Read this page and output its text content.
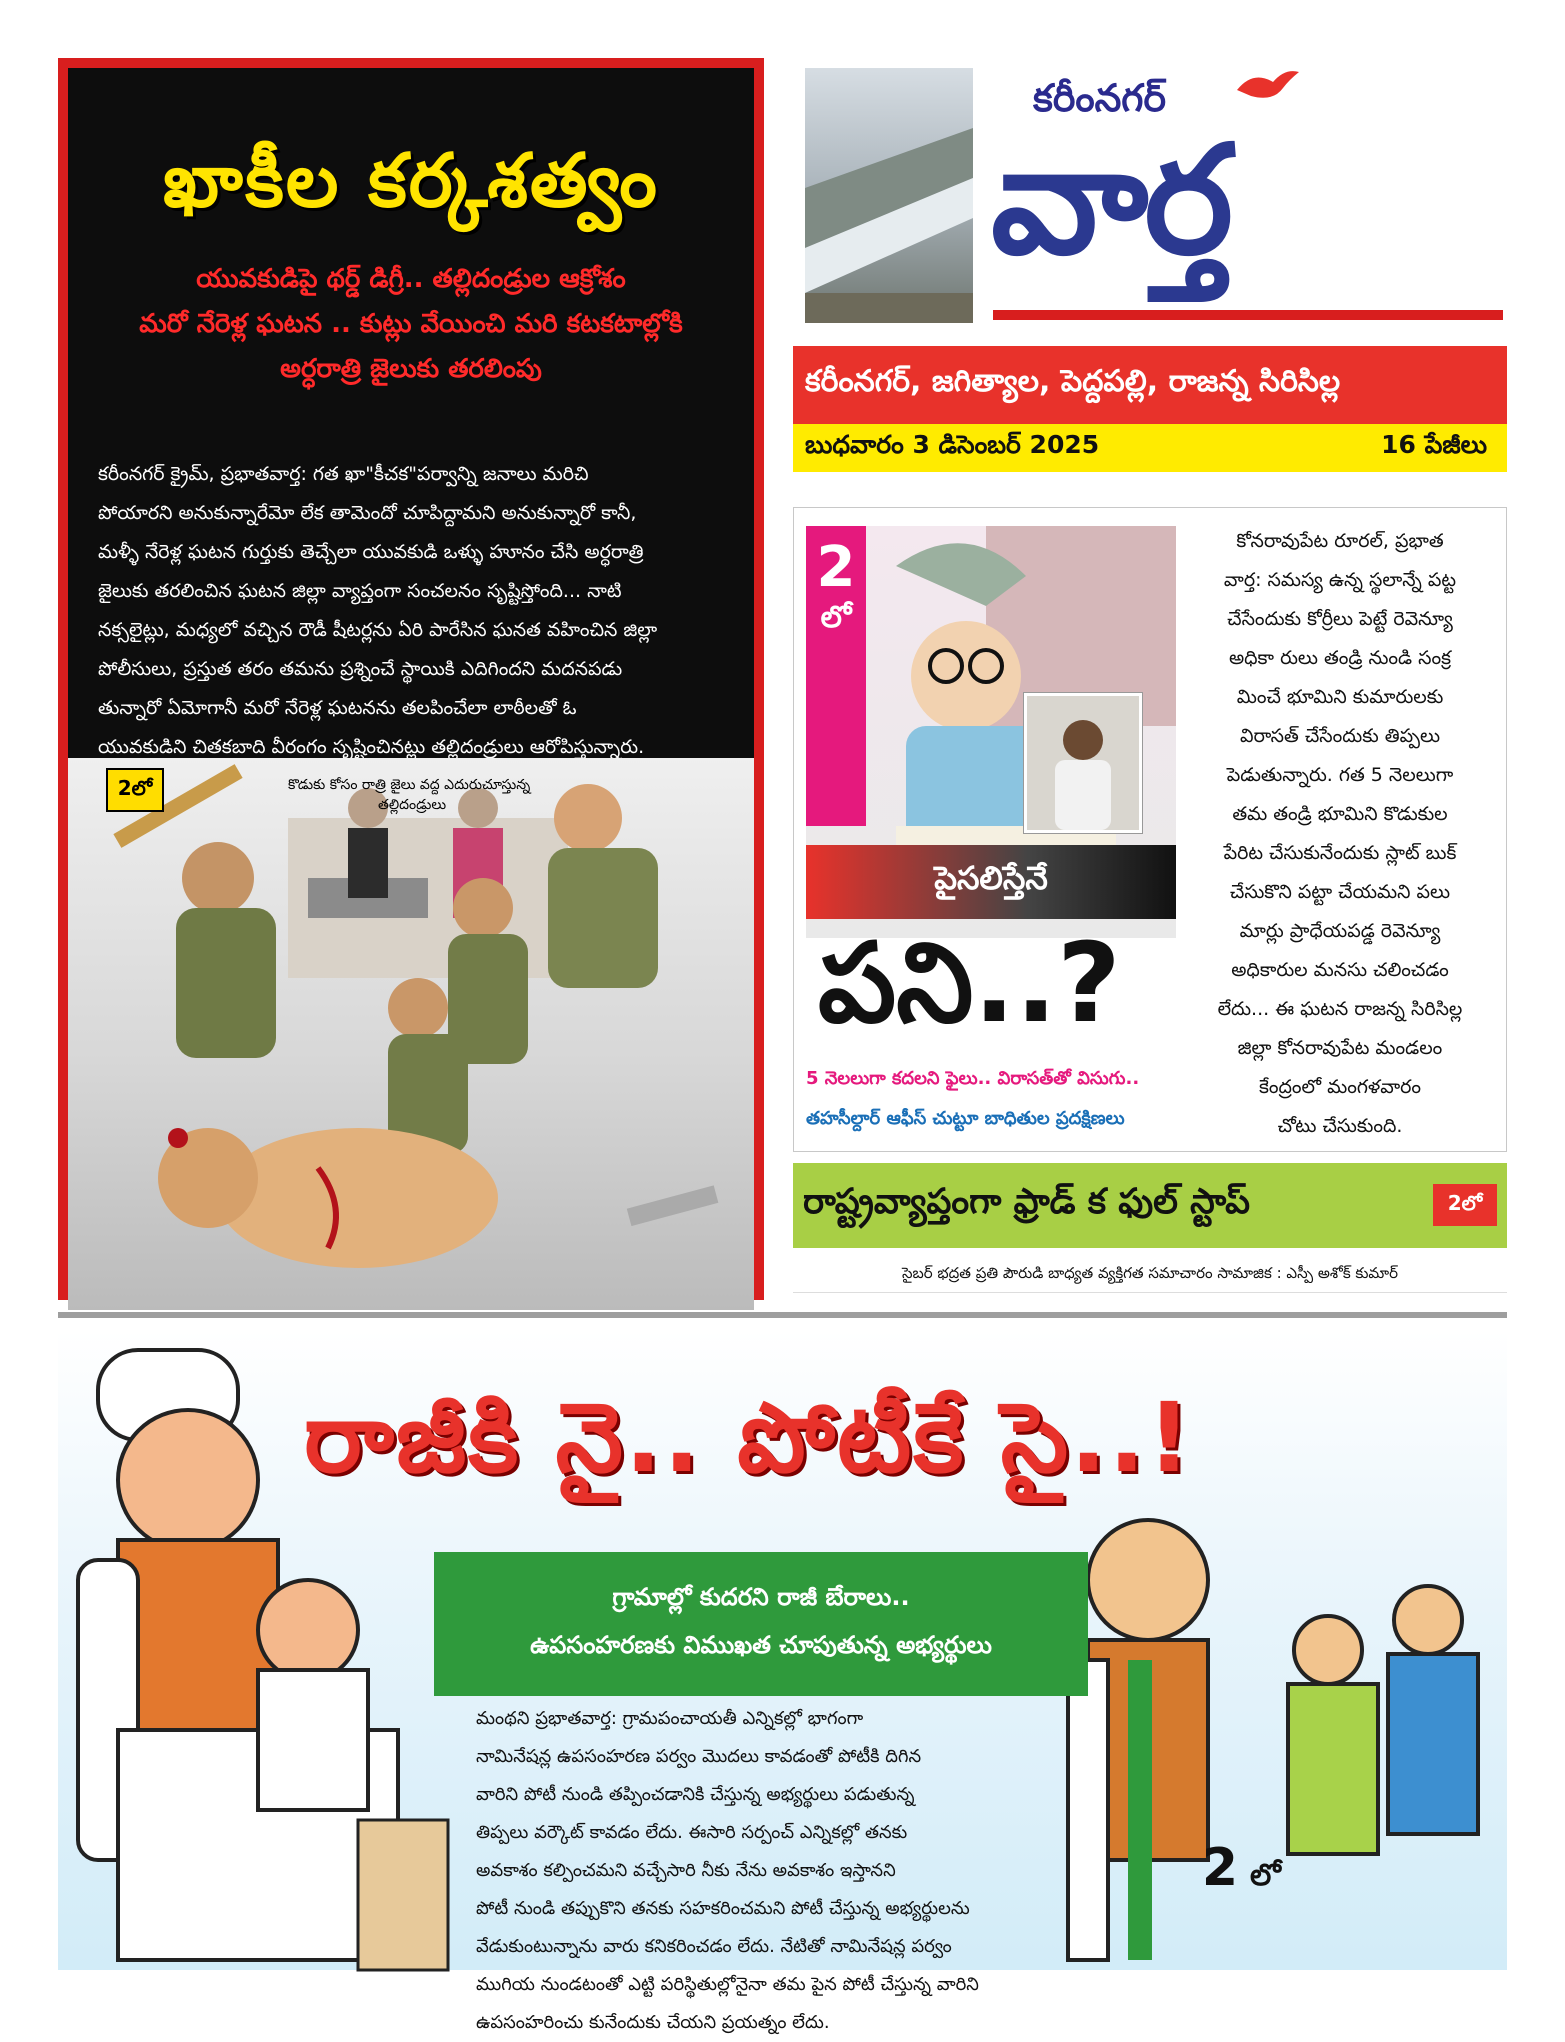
ఖాకీల కర్కశత్వం
యువకుడిపై థర్డ్ డిగ్రీ.. తల్లిదండ్రుల ఆక్రోశం
మరో నేరెళ్ల ఘటన .. కుట్లు వేయించి మరి కటకటాల్లోకి
అర్ధరాత్రి జైలుకు తరలింపు
కరీంనగర్ క్రైమ్, ప్రభాతవార్త: గత ఖా"కీచక"పర్వాన్ని జనాలు మరిచి
పోయారని అనుకున్నారేమో లేక తామెందో చూపిద్దామని అనుకున్నారో కానీ,
మళ్ళీ నేరెళ్ల ఘటన గుర్తుకు తెచ్చేలా యువకుడి ఒళ్ళు హూనం చేసి అర్ధరాత్రి
జైలుకు తరలించిన ఘటన జిల్లా వ్యాప్తంగా సంచలనం సృష్టిస్తోంది... నాటి
నక్సలైట్లు, మధ్యలో వచ్చిన రౌడీ షీటర్లను ఏరి పారేసిన ఘనత వహించిన జిల్లా
పోలీసులు, ప్రస్తుత తరం తమను ప్రశ్నించే స్థాయికి ఎదిగిందని మదనపడు
తున్నారో ఏమోగానీ మరో నేరెళ్ల ఘటనను తలపించేలా లాఠీలతో ఓ
యువకుడిని చితకబాది వీరంగం సృష్టించినట్లు తల్లిదండ్రులు ఆరోపిస్తున్నారు.
2లో	కొడుకు కోసం రాత్రి జైలు వద్ద ఎదురుచూస్తున్న
తల్లిదండ్రులు
కరీంనగర్
వార్త
కరీంనగర్, జగిత్యాల, పెద్దపల్లి, రాజన్న సిరిసిల్ల
బుధవారం 3 డిసెంబర్ 2025	16 పేజీలు
2
లో
పైసలిస్తేనే
పని..?
5 నెలలుగా కదలని ఫైలు.. విరాసత్‌తో విసుగు..
తహసీల్దార్ ఆఫీస్ చుట్టూ బాధితుల ప్రదక్షిణలు
కోనరావుపేట రూరల్, ప్రభాత
వార్త: సమస్య ఉన్న స్థలాన్నే పట్ట
చేసేందుకు కోర్రీలు పెట్టే రెవెన్యూ
అధికా రులు తండ్రి నుండి సంక్ర
మించే భూమిని కుమారులకు
విరాసత్ చేసేందుకు తిప్పలు
పెడుతున్నారు. గత 5 నెలలుగా
తమ తండ్రి భూమిని కొడుకుల
పేరిట చేసుకునేందుకు స్లాట్ బుక్
చేసుకొని పట్టా చేయమని పలు
మార్లు ప్రాధేయపడ్డ రెవెన్యూ
అధికారుల మనసు చలించడం
లేదు... ఈ ఘటన రాజన్న సిరిసిల్ల
జిల్లా కోనరావుపేట మండలం
కేంద్రంలో మంగళవారం
చోటు చేసుకుంది.
రాష్ట్రవ్యాప్తంగా ఫ్రాడ్ క ఫుల్ స్టాప్	2లో
సైబర్ భద్రత ప్రతి పౌరుడి బాధ్యత వ్యక్తిగత సమాచారం సామాజిక : ఎస్పీ అశోక్ కుమార్
రాజీకి నై.. పోటీకే సై..!
గ్రామాల్లో కుదరని రాజీ బేరాలు..
ఉపసంహరణకు విముఖత చూపుతున్న అభ్యర్థులు
మంథని ప్రభాతవార్త: గ్రామపంచాయతీ ఎన్నికల్లో భాగంగా
నామినేషన్ల ఉపసంహరణ పర్వం మొదలు కావడంతో పోటీకి దిగిన
వారిని పోటీ నుండి తప్పించడానికి చేస్తున్న అభ్యర్థులు పడుతున్న
తిప్పలు వర్కౌట్ కావడం లేదు. ఈసారి సర్పంచ్ ఎన్నికల్లో తనకు
అవకాశం కల్పించమని వచ్చేసారి నీకు నేను అవకాశం ఇస్తానని
పోటీ నుండి తప్పుకొని తనకు సహకరించమని పోటీ చేస్తున్న అభ్యర్థులను
వేడుకుంటున్నాను వారు కనికరించడం లేదు. నేటితో నామినేషన్ల పర్వం
ముగియ నుండటంతో ఎట్టి పరిస్థితుల్లోనైనా తమ పైన పోటీ చేస్తున్న వారిని
ఉపసంహరించు కునేందుకు చేయని ప్రయత్నం లేదు.
2 లో
